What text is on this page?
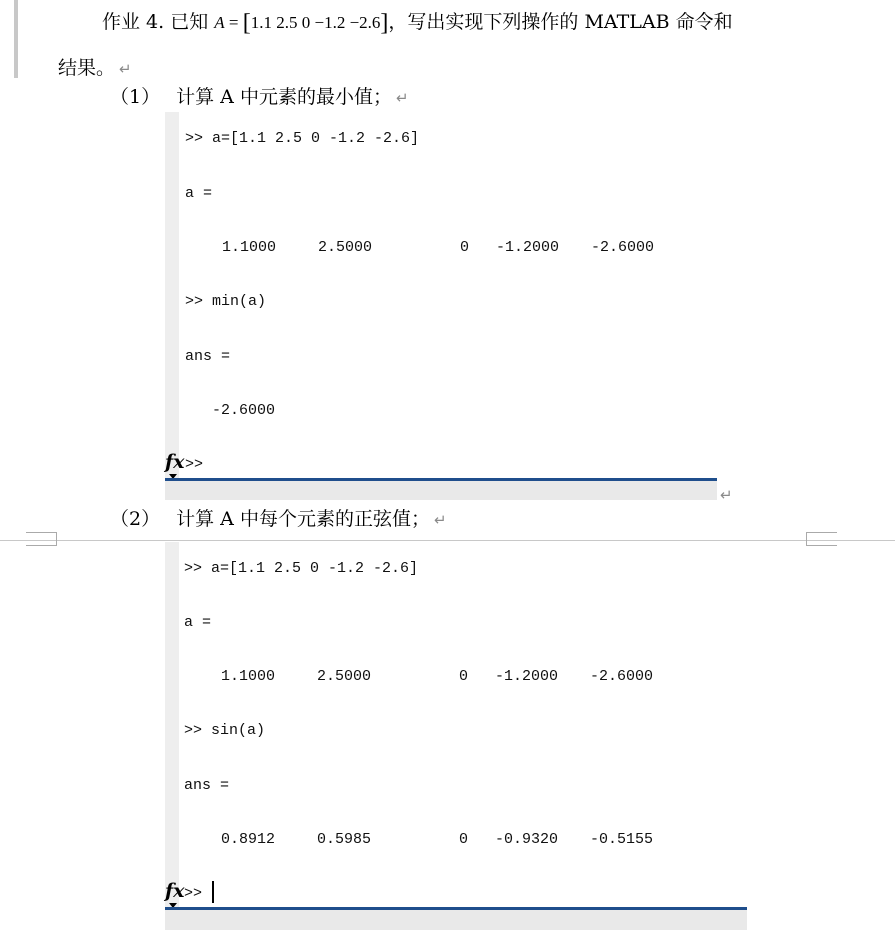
作业 4. 已知 A = [1.1 2.5 0 −1.2 −2.6]，写出实现下列操作的 MATLAB 命令和
结果。 ↵
（1） 计算 A 中元素的最小值； ↵
>> a=[1.1 2.5 0 -1.2 -2.6]
a =
1.1000	2.5000	0 -1.2000 -2.6000
>> min(a)
ans =
-2.6000
fx >>
↵
（2） 计算 A 中每个元素的正弦值； ↵
>> a=[1.1 2.5 0 -1.2 -2.6]
a =
1.1000	2.5000	0 -1.2000 -2.6000
>> sin(a)
ans =
0.8912	0.5985	0 -0.9320 -0.5155
fx >>
